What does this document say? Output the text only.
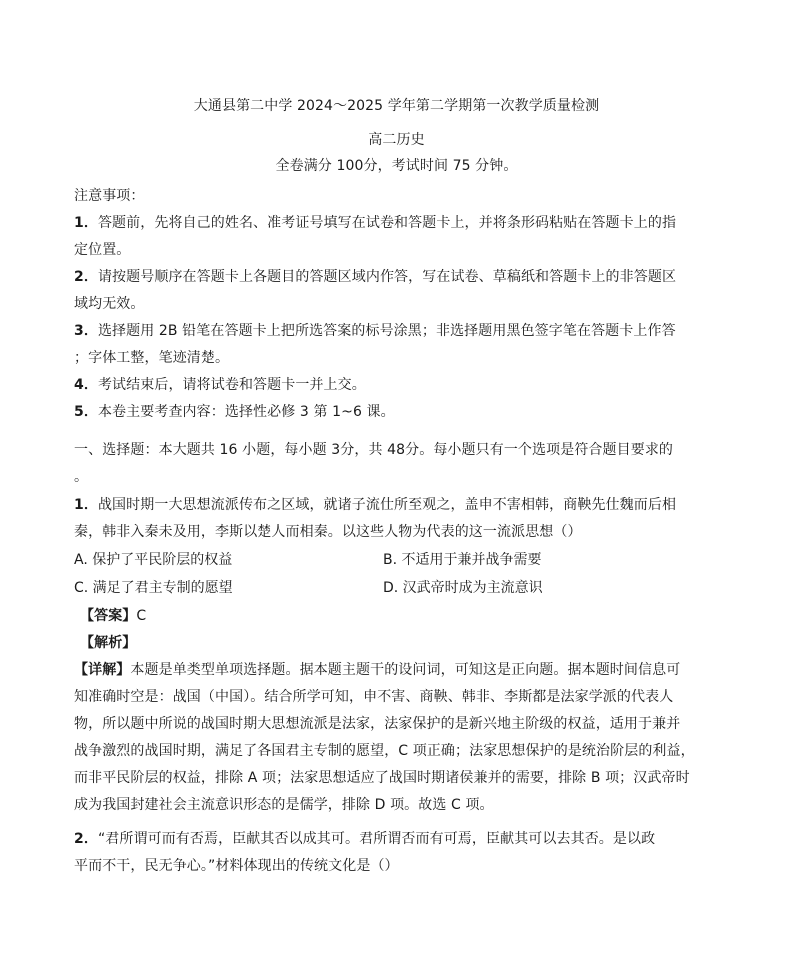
大通县第二中学 2024～2025 学年第二学期第一次教学质量检测
高二历史
全卷满分 100分，考试时间 75 分钟。
注意事项：
1．答题前，先将自己的姓名、准考证号填写在试卷和答题卡上，并将条形码粘贴在答题卡上的指
定位置。
2．请按题号顺序在答题卡上各题目的答题区域内作答，写在试卷、草稿纸和答题卡上的非答题区
域均无效。
3．选择题用 2B 铅笔在答题卡上把所选答案的标号涂黑；非选择题用黑色签字笔在答题卡上作答
；字体工整，笔迹清楚。
4．考试结束后，请将试卷和答题卡一并上交。
5．本卷主要考查内容：选择性必修 3 第 1~6 课。
一、选择题：本大题共 16 小题，每小题 3分，共 48分。每小题只有一个选项是符合题目要求的
。
1．战国时期一大思想流派传布之区域，就诸子流仕所至观之，盖申不害相韩，商鞅先仕魏而后相
秦，韩非入秦未及用，李斯以楚人而相秦。以这些人物为代表的这一流派思想（）
A. 保护了平民阶层的权益	B. 不适用于兼并战争需要
C. 满足了君主专制的愿望	D. 汉武帝时成为主流意识
【答案】C
【解析】
【详解】本题是单类型单项选择题。据本题主题干的设问词，可知这是正向题。据本题时间信息可
知准确时空是：战国（中国）。结合所学可知，申不害、商鞅、韩非、李斯都是法家学派的代表人
物，所以题中所说的战国时期大思想流派是法家，法家保护的是新兴地主阶级的权益，适用于兼并
战争激烈的战国时期，满足了各国君主专制的愿望，C 项正确；法家思想保护的是统治阶层的利益，
而非平民阶层的权益，排除 A 项；法家思想适应了战国时期诸侯兼并的需要，排除 B 项；汉武帝时
成为我国封建社会主流意识形态的是儒学，排除 D 项。故选 C 项。
2．“君所谓可而有否焉，臣献其否以成其可。君所谓否而有可焉，臣献其可以去其否。是以政
平而不干，民无争心。”材料体现出的传统文化是（）
